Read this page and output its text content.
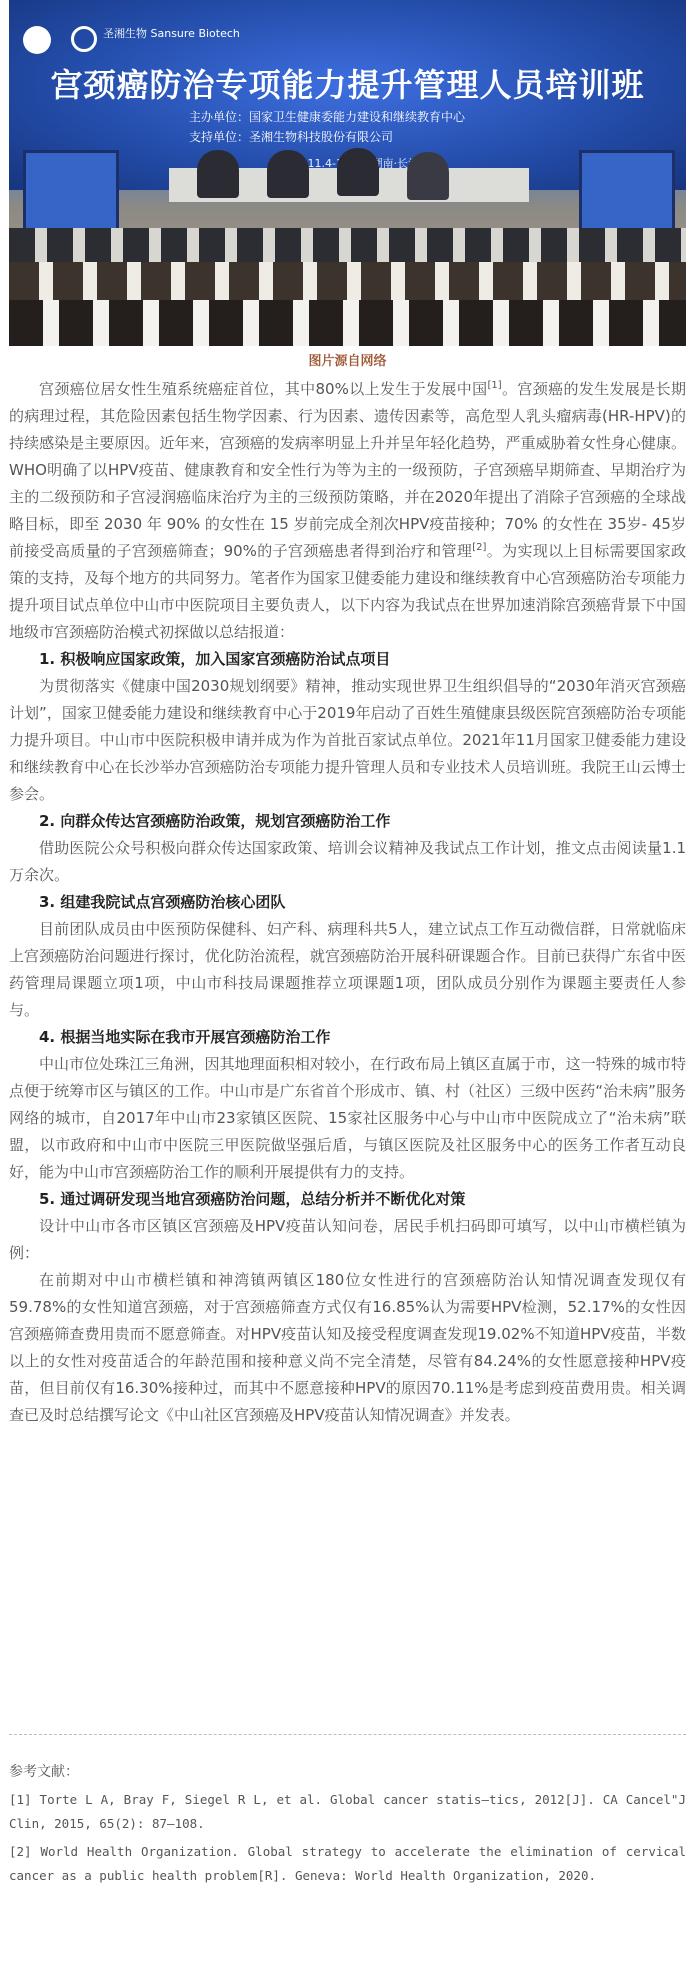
圣湘生物 Sansure Biotech
宫颈癌防治专项能力提升管理人员培训班
主办单位：国家卫生健康委能力建设和继续教育中心
支持单位：圣湘生物科技股份有限公司
2020.11.4-11.6　湖南·长沙
图片源自网络

宫颈癌位居女性生殖系统癌症首位，其中80%以上发生于发展中国[1]。宫颈癌的发生发展是长期的病理过程，其危险因素包括生物学因素、行为因素、遗传因素等，高危型人乳头瘤病毒(HR-HPV)的持续感染是主要原因。近年来，宫颈癌的发病率明显上升并呈年轻化趋势，严重威胁着女性身心健康。WHO明确了以HPV疫苗、健康教育和安全性行为等为主的一级预防，子宫颈癌早期筛查、早期治疗为主的二级预防和子宫浸润癌临床治疗为主的三级预防策略，并在2020年提出了消除子宫颈癌的全球战略目标，即至 2030 年 90% 的女性在 15 岁前完成全剂次HPV疫苗接种；70% 的女性在 35岁- 45岁前接受高质量的子宫颈癌筛查；90%的子宫颈癌患者得到治疗和管理[2]。为实现以上目标需要国家政策的支持，及每个地方的共同努力。笔者作为国家卫健委能力建设和继续教育中心宫颈癌防治专项能力提升项目试点单位中山市中医院项目主要负责人，以下内容为我试点在世界加速消除宫颈癌背景下中国地级市宫颈癌防治模式初探做以总结报道：

1. 积极响应国家政策，加入国家宫颈癌防治试点项目

为贯彻落实《健康中国2030规划纲要》精神，推动实现世界卫生组织倡导的“2030年消灭宫颈癌计划”，国家卫健委能力建设和继续教育中心于2019年启动了百姓生殖健康县级医院宫颈癌防治专项能力提升项目。中山市中医院积极申请并成为作为首批百家试点单位。2021年11月国家卫健委能力建设和继续教育中心在长沙举办宫颈癌防治专项能力提升管理人员和专业技术人员培训班。我院王山云博士参会。

2. 向群众传达宫颈癌防治政策，规划宫颈癌防治工作

借助医院公众号积极向群众传达国家政策、培训会议精神及我试点工作计划，推文点击阅读量1.1万余次。

3. 组建我院试点宫颈癌防治核心团队

目前团队成员由中医预防保健科、妇产科、病理科共5人，建立试点工作互动微信群，日常就临床上宫颈癌防治问题进行探讨，优化防治流程，就宫颈癌防治开展科研课题合作。目前已获得广东省中医药管理局课题立项1项，中山市科技局课题推荐立项课题1项，团队成员分别作为课题主要责任人参与。

4. 根据当地实际在我市开展宫颈癌防治工作

中山市位处珠江三角洲，因其地理面积相对较小，在行政布局上镇区直属于市，这一特殊的城市特点便于统筹市区与镇区的工作。中山市是广东省首个形成市、镇、村（社区）三级中医药“治未病”服务网络的城市，自2017年中山市23家镇区医院、15家社区服务中心与中山市中医院成立了“治未病”联盟，以市政府和中山市中医院三甲医院做坚强后盾，与镇区医院及社区服务中心的医务工作者互动良好，能为中山市宫颈癌防治工作的顺利开展提供有力的支持。

5. 通过调研发现当地宫颈癌防治问题，总结分析并不断优化对策

设计中山市各市区镇区宫颈癌及HPV疫苗认知问卷，居民手机扫码即可填写，以中山市横栏镇为例：

在前期对中山市横栏镇和神湾镇两镇区180位女性进行的宫颈癌防治认知情况调查发现仅有59.78%的女性知道宫颈癌，对于宫颈癌筛查方式仅有16.85%认为需要HPV检测，52.17%的女性因宫颈癌筛查费用贵而不愿意筛查。对HPV疫苗认知及接受程度调查发现19.02%不知道HPV疫苗，半数以上的女性对疫苗适合的年龄范围和接种意义尚不完全清楚，尽管有84.24%的女性愿意接种HPV疫苗，但目前仅有16.30%接种过，而其中不愿意接种HPV的原因70.11%是考虑到疫苗费用贵。相关调查已及时总结撰写论文《中山社区宫颈癌及HPV疫苗认知情况调查》并发表。

参考文献：
[1] Torte L A, Bray F, Siegel R L, et al. Global cancer statis—tics, 2012[J]. CA Cancel"J Clin, 2015, 65(2): 87—108.
[2] World Health Organization. Global strategy to accelerate the elimination of cervical cancer as a public health problem[R]. Geneva: World Health Organization, 2020.
